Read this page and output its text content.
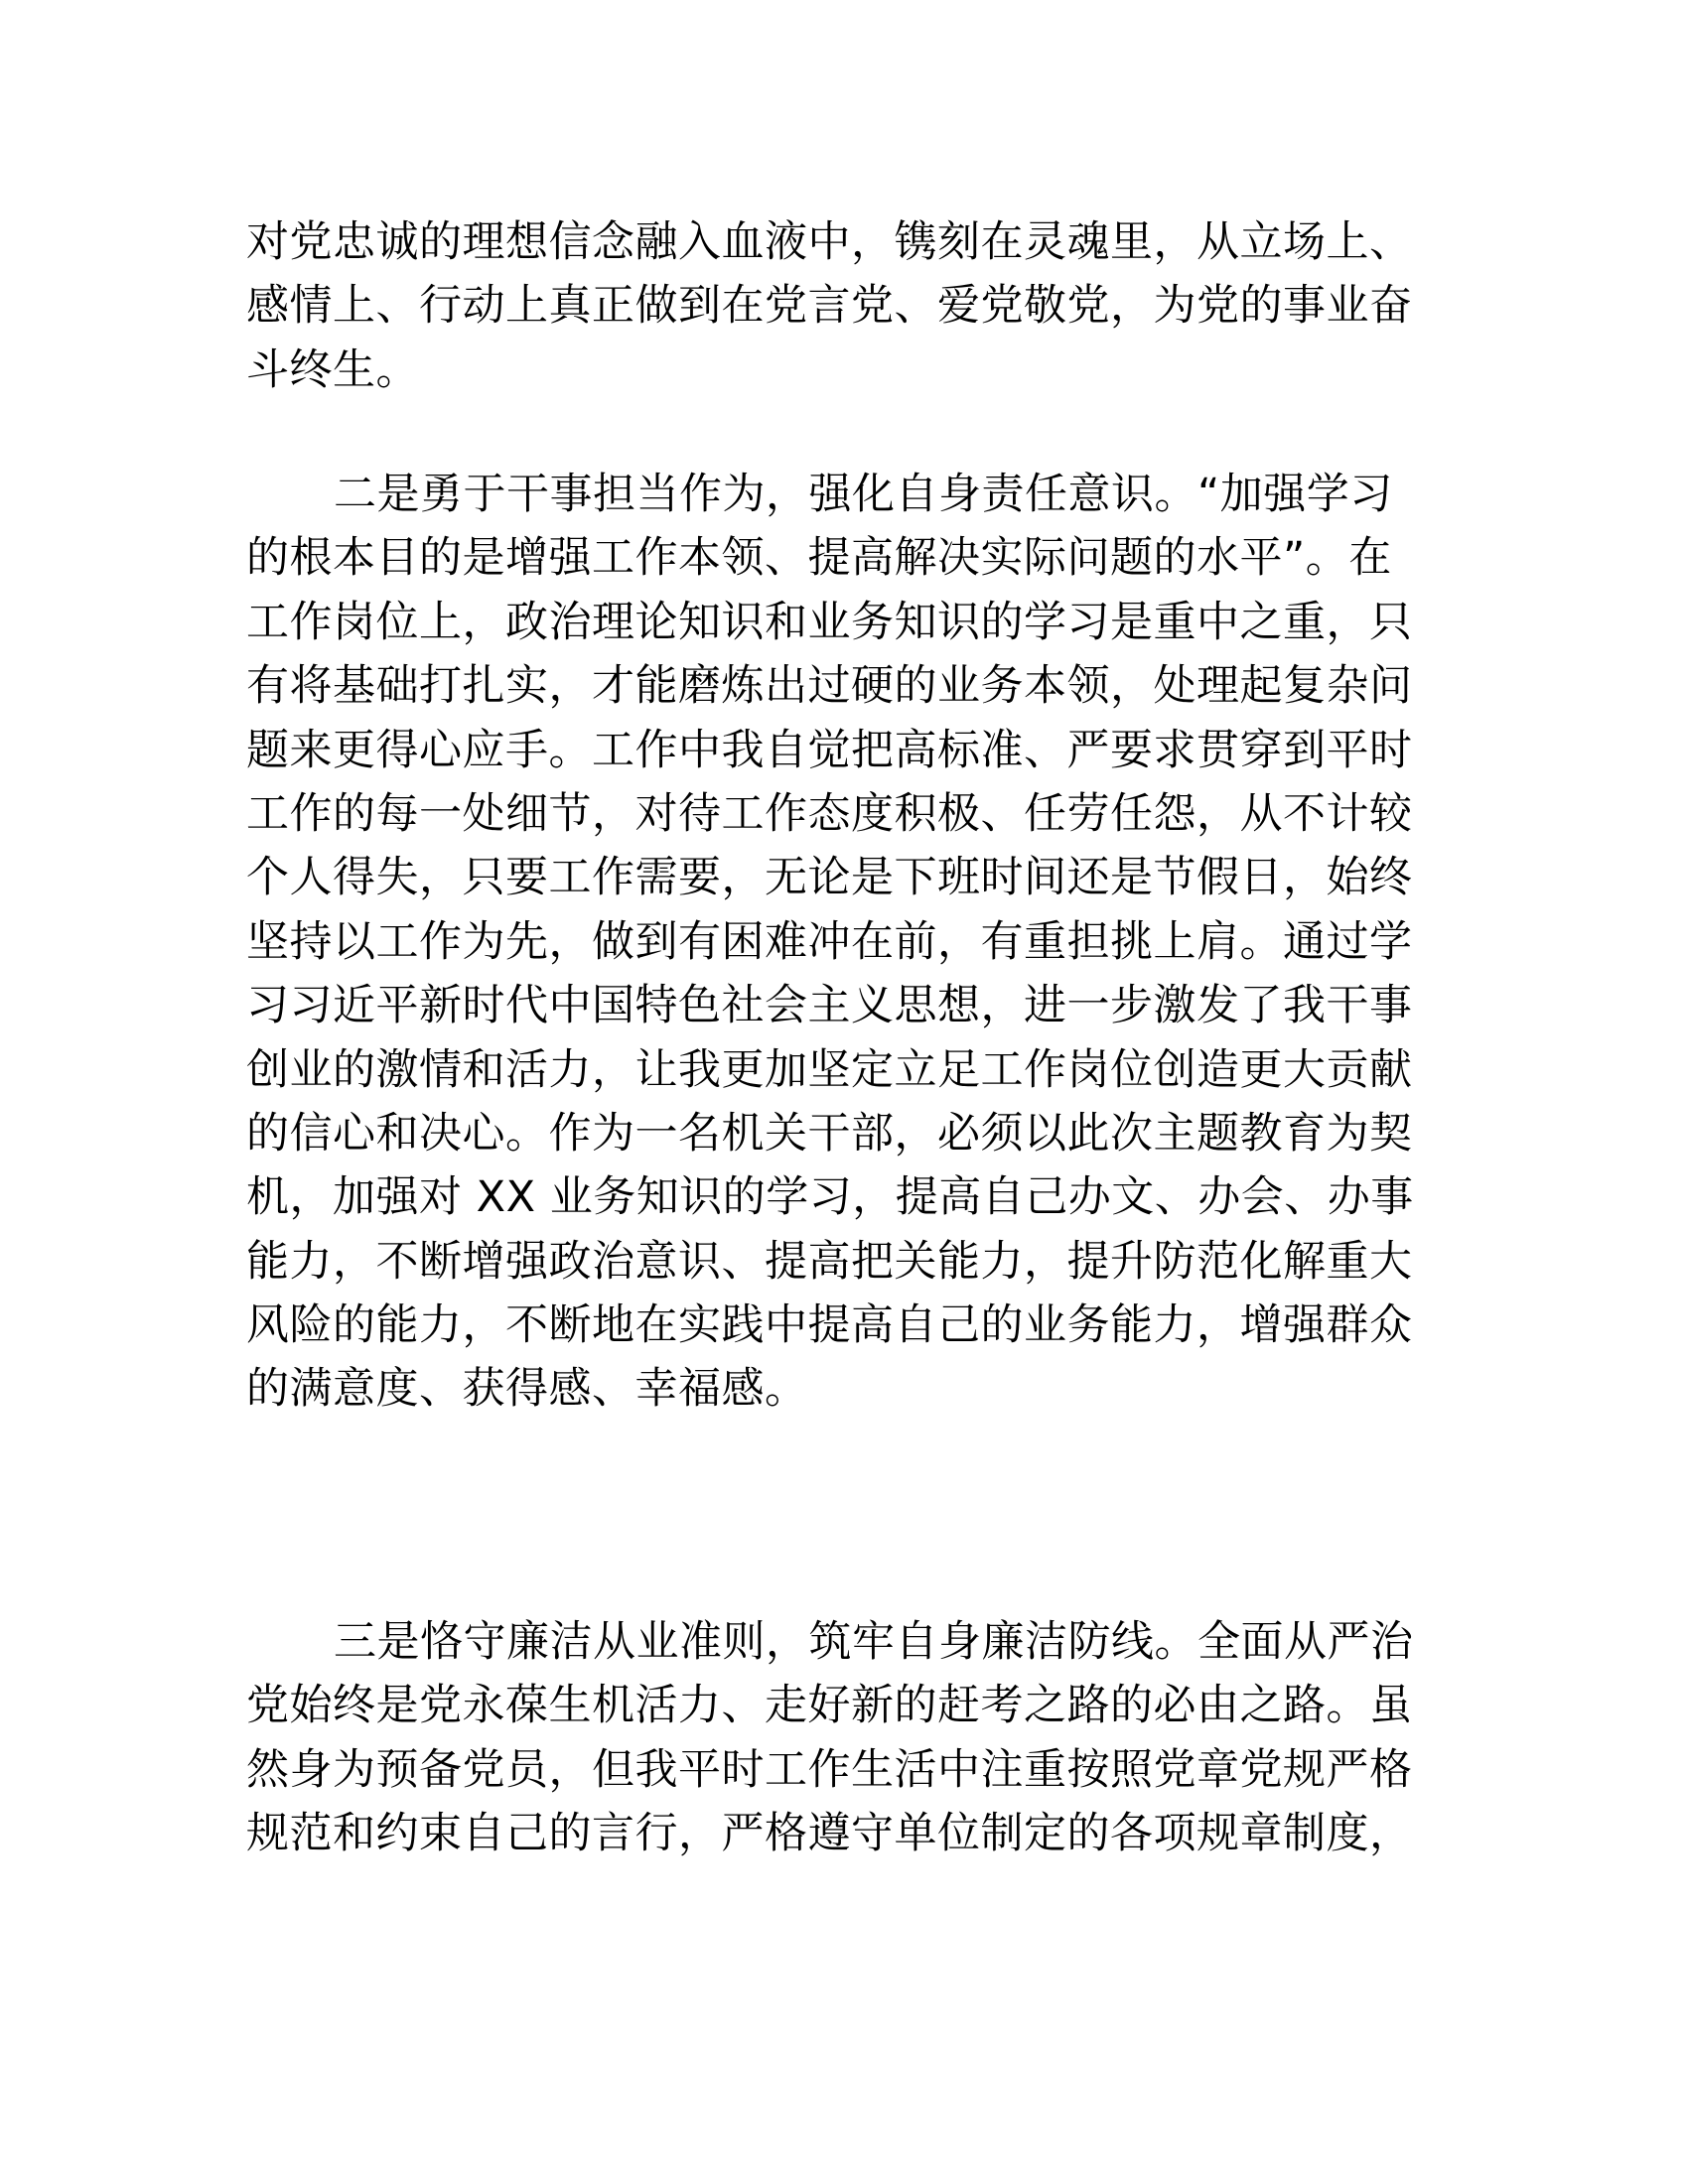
对党忠诚的理想信念融入血液中，镌刻在灵魂里，从立场上、
感情上、行动上真正做到在党言党、爱党敬党，为党的事业奋
斗终生。
二是勇于干事担当作为，强化自身责任意识。“加强学习
的根本目的是增强工作本领、提高解决实际问题的水平”。在
工作岗位上，政治理论知识和业务知识的学习是重中之重，只
有将基础打扎实，才能磨炼出过硬的业务本领，处理起复杂问
题来更得心应手。工作中我自觉把高标准、严要求贯穿到平时
工作的每一处细节，对待工作态度积极、任劳任怨，从不计较
个人得失，只要工作需要，无论是下班时间还是节假日，始终
坚持以工作为先，做到有困难冲在前，有重担挑上肩。通过学
习习近平新时代中国特色社会主义思想，进一步激发了我干事
创业的激情和活力，让我更加坚定立足工作岗位创造更大贡献
的信心和决心。作为一名机关干部，必须以此次主题教育为契
机，加强对 XX 业务知识的学习，提高自己办文、办会、办事
能力，不断增强政治意识、提高把关能力，提升防范化解重大
风险的能力，不断地在实践中提高自己的业务能力，增强群众
的满意度、获得感、幸福感。
三是恪守廉洁从业准则，筑牢自身廉洁防线。全面从严治
党始终是党永葆生机活力、走好新的赶考之路的必由之路。虽
然身为预备党员，但我平时工作生活中注重按照党章党规严格
规范和约束自己的言行，严格遵守单位制定的各项规章制度，
